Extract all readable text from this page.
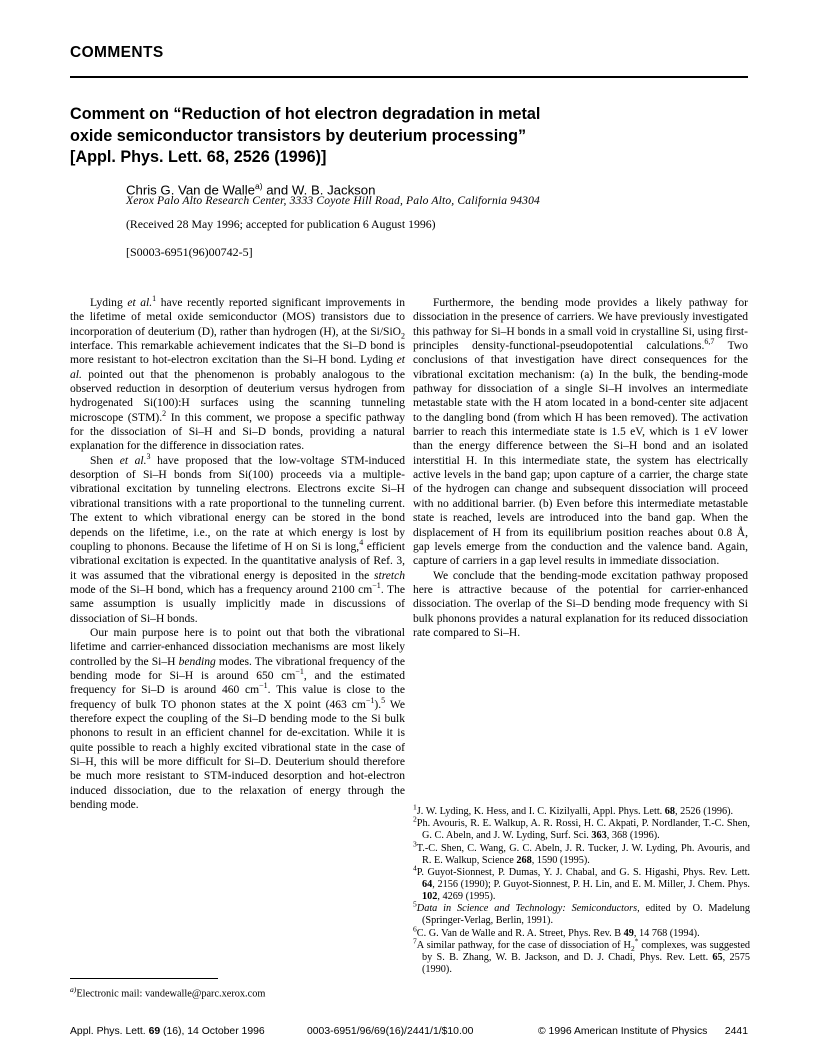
COMMENTS
Comment on “Reduction of hot electron degradation in metal
oxide semiconductor transistors by deuterium processing”
[Appl. Phys. Lett. 68, 2526 (1996)]
Chris G. Van de Walle$^{a)}$ and W. B. Jackson
Xerox Palo Alto Research Center, 3333 Coyote Hill Road, Palo Alto, California 94304
(Received 28 May 1996; accepted for publication 6 August 1996)
[S0003-6951(96)00742-5]

Lyding et al.$^1$ have recently reported significant improvements in the lifetime of metal oxide semiconductor (MOS) transistors due to incorporation of deuterium (D), rather than hydrogen (H), at the Si/SiO$_2$ interface. This remarkable achievement indicates that the Si–D bond is more resistant to hot-electron excitation than the Si–H bond. Lyding et al. pointed out that the phenomenon is probably analogous to the observed reduction in desorption of deuterium versus hydrogen from hydrogenated Si(100):H surfaces using the scanning tunneling microscope (STM).$^2$ In this comment, we propose a specific pathway for the dissociation of Si–H and Si–D bonds, providing a natural explanation for the difference in dissociation rates.

Shen et al.$^3$ have proposed that the low-voltage STM-induced desorption of Si–H bonds from Si(100) proceeds via a multiple-vibrational excitation by tunneling electrons. Electrons excite Si–H vibrational transitions with a rate proportional to the tunneling current. The extent to which vibrational energy can be stored in the bond depends on the lifetime, i.e., on the rate at which energy is lost by coupling to phonons. Because the lifetime of H on Si is long,$^4$ efficient vibrational excitation is expected. In the quantitative analysis of Ref. 3, it was assumed that the vibrational energy is deposited in the stretch mode of the Si–H bond, which has a frequency around 2100 $cm^{-1}$. The same assumption is usually implicitly made in discussions of dissociation of Si–H bonds.

Our main purpose here is to point out that both the vibrational lifetime and carrier-enhanced dissociation mechanisms are most likely controlled by the Si–H bending modes. The vibrational frequency of the bending mode for Si–H is around 650 $cm^{-1}$, and the estimated frequency for Si–D is around 460 $cm^{-1}$. This value is close to the frequency of bulk TO phonon states at the X point (463 $cm^{-1}).^5$ We therefore expect the coupling of the Si–D bending mode to the Si bulk phonons to result in an efficient channel for de-excitation. While it is quite possible to reach a highly excited vibrational state in the case of Si–H, this will be more difficult for Si–D. Deuterium should therefore be much more resistant to STM-induced desorption and hot-electron induced dissociation, due to the relaxation of energy through the bending mode.

Furthermore, the bending mode provides a likely pathway for dissociation in the presence of carriers. We have previously investigated this pathway for Si–H bonds in a small void in crystalline Si, using first-principles density-functional-pseudopotential calculations.$^{6,7}$ Two conclusions of that investigation have direct consequences for the vibrational excitation mechanism: (a) In the bulk, the bending-mode pathway for dissociation of a single Si–H involves an intermediate metastable state with the H atom located in a bond-center site adjacent to the dangling bond (from which H has been removed). The activation barrier to reach this intermediate state is 1.5 eV, which is 1 eV lower than the energy difference between the Si–H bond and an isolated interstitial H. In this intermediate state, the system has electrically active levels in the band gap; upon capture of a carrier, the charge state of the hydrogen can change and subsequent dissociation will proceed with no additional barrier. (b) Even before this intermediate metastable state is reached, levels are introduced into the band gap. When the displacement of H from its equilibrium position reaches about 0.8 Å, gap levels emerge from the conduction and the valence band. Again, capture of carriers in a gap level results in immediate dissociation.

We conclude that the bending-mode excitation pathway proposed here is attractive because of the potential for carrier-enhanced dissociation. The overlap of the Si–D bending mode frequency with Si bulk phonons provides a natural explanation for its reduced dissociation rate compared to Si–H.

$^{a)}$Electronic mail: vandewalle@parc.xerox.com

$^1$J. W. Lyding, K. Hess, and I. C. Kizilyalli, Appl. Phys. Lett. 68, 2526 (1996).

$^2$Ph. Avouris, R. E. Walkup, A. R. Rossi, H. C. Akpati, P. Nordlander, T.-C. Shen, G. C. Abeln, and J. W. Lyding, Surf. Sci. 363, 368 (1996).

$^3$T.-C. Shen, C. Wang, G. C. Abeln, J. R. Tucker, J. W. Lyding, Ph. Avouris, and R. E. Walkup, Science 268, 1590 (1995).

$^4$P. Guyot-Sionnest, P. Dumas, Y. J. Chabal, and G. S. Higashi, Phys. Rev. Lett. 64, 2156 (1990); P. Guyot-Sionnest, P. H. Lin, and E. M. Miller, J. Chem. Phys. 102, 4269 (1995).

$^5$Data in Science and Technology: Semiconductors, edited by O. Madelung (Springer-Verlag, Berlin, 1991).

$^6$C. G. Van de Walle and R. A. Street, Phys. Rev. B 49, 14 768 (1994).

$^7$A similar pathway, for the case of dissociation of $H_2^*$ complexes, was suggested by S. B. Zhang, W. B. Jackson, and D. J. Chadi, Phys. Rev. Lett. 65, 2575 (1990).

Appl. Phys. Lett. 69 (16), 14 October 1996	0003-6951/96/69(16)/2441/1/$10.00	© 1996 American Institute of Physics 2441
